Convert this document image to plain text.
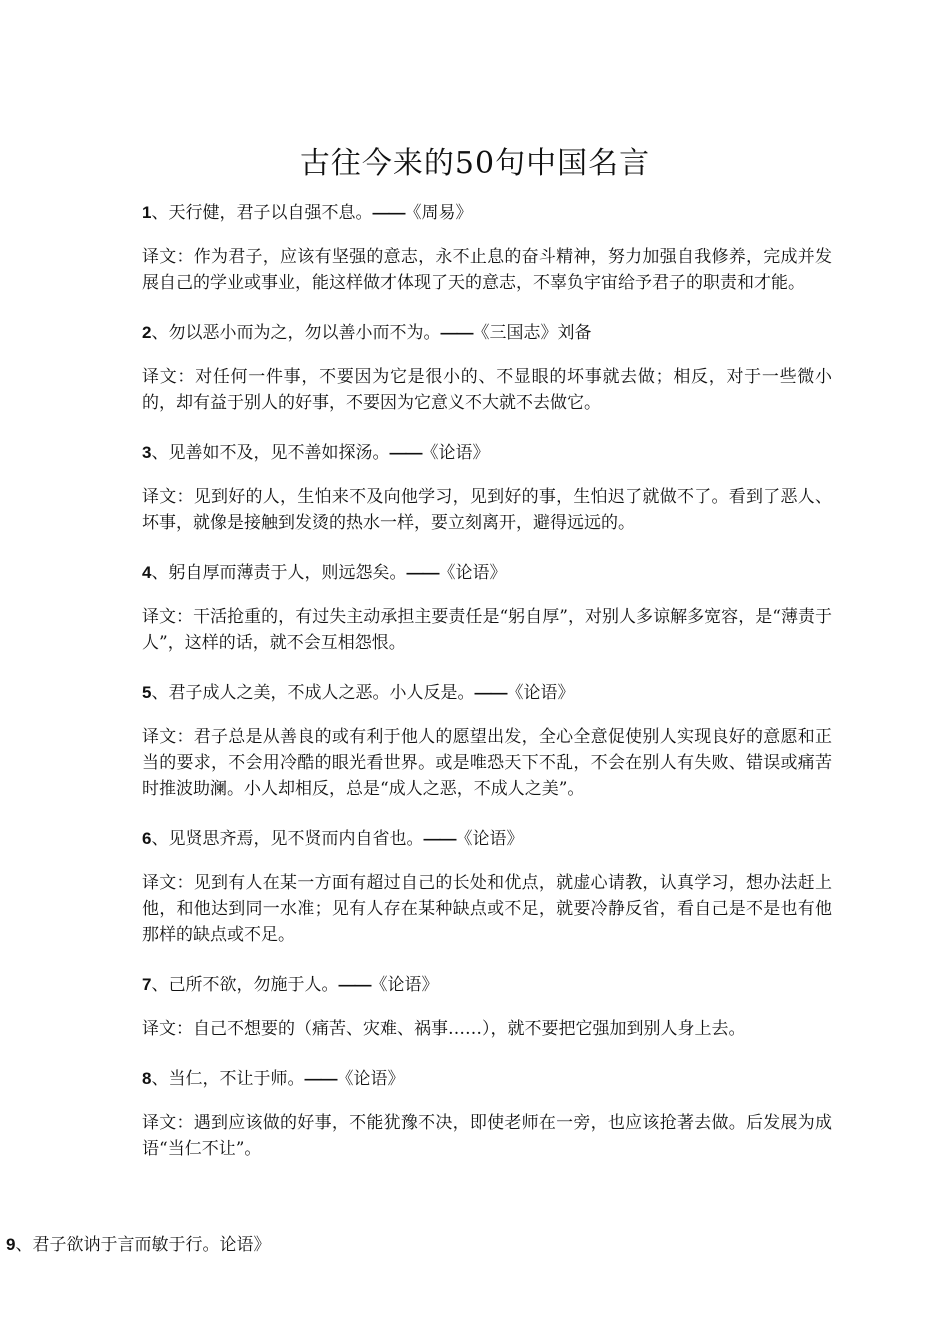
古往今来的50句中国名言

1、天行健，君子以自强不息。——《周易》

译文：作为君子，应该有坚强的意志，永不止息的奋斗精神，努力加强自我修养，完成并发展自己的学业或事业，能这样做才体现了天的意志，不辜负宇宙给予君子的职责和才能。

2、勿以恶小而为之，勿以善小而不为。——《三国志》刘备

译文：对任何一件事，不要因为它是很小的、不显眼的坏事就去做；相反，对于一些微小的，却有益于别人的好事，不要因为它意义不大就不去做它。

3、见善如不及，见不善如探汤。——《论语》

译文：见到好的人，生怕来不及向他学习，见到好的事，生怕迟了就做不了。看到了恶人、坏事，就像是接触到发烫的热水一样，要立刻离开，避得远远的。

4、躬自厚而薄责于人，则远怨矣。——《论语》

译文：干活抢重的，有过失主动承担主要责任是“躬自厚”，对别人多谅解多宽容，是“薄责于人”，这样的话，就不会互相怨恨。

5、君子成人之美，不成人之恶。小人反是。——《论语》

译文：君子总是从善良的或有利于他人的愿望出发，全心全意促使别人实现良好的意愿和正当的要求，不会用冷酷的眼光看世界。或是唯恐天下不乱，不会在别人有失败、错误或痛苦时推波助澜。小人却相反，总是“成人之恶，不成人之美”。

6、见贤思齐焉，见不贤而内自省也。——《论语》

译文：见到有人在某一方面有超过自己的长处和优点，就虚心请教，认真学习，想办法赶上他，和他达到同一水准；见有人存在某种缺点或不足，就要冷静反省，看自己是不是也有他那样的缺点或不足。

7、己所不欲，勿施于人。——《论语》

译文：自己不想要的（痛苦、灾难、祸事……），就不要把它强加到别人身上去。

8、当仁，不让于师。——《论语》

译文：遇到应该做的好事，不能犹豫不决，即使老师在一旁，也应该抢著去做。后发展为成语“当仁不让”。

9、君子欲讷于言而敏于行。论语》
